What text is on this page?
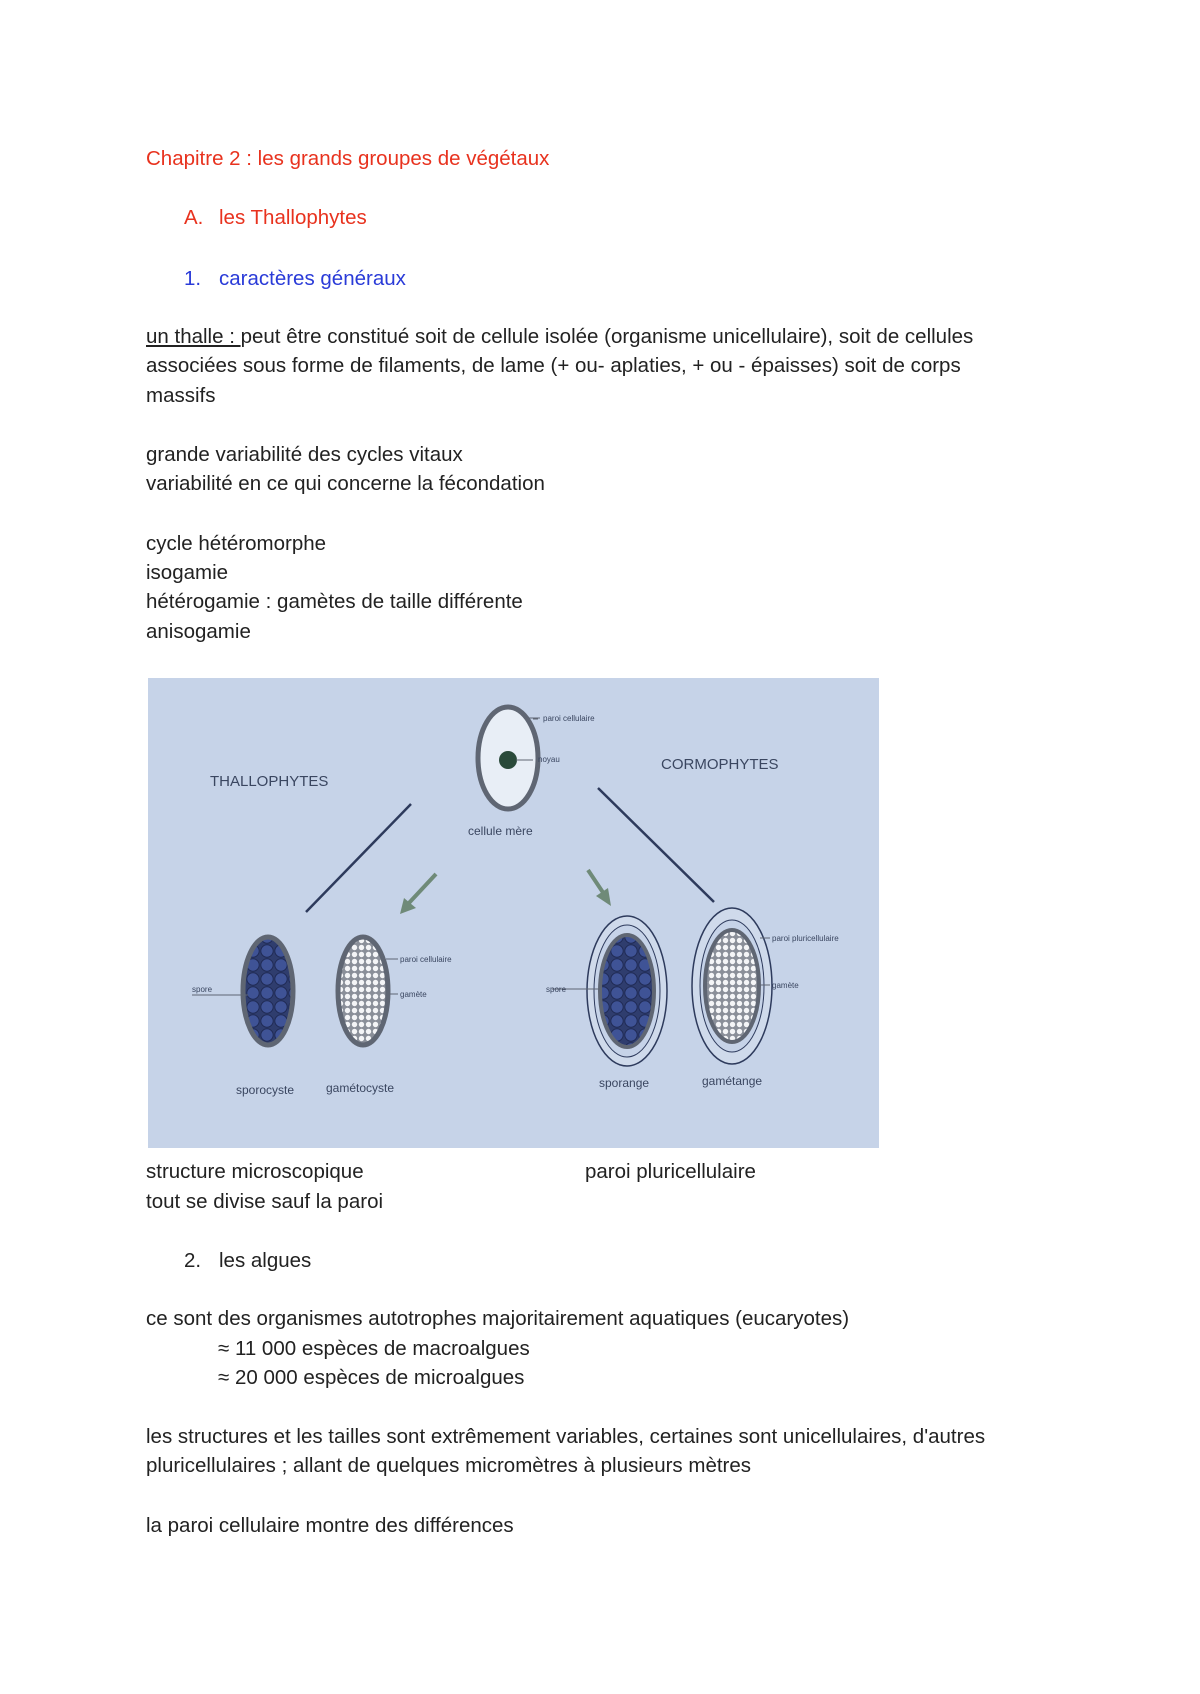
Chapitre 2 : les grands groupes de végétaux
A. les Thallophytes
1. caractères généraux
un thalle : peut être constitué soit de cellule isolée (organisme unicellulaire), soit de cellules
associées sous forme de filaments, de lame (+ ou- aplaties, + ou - épaisses) soit de corps
massifs
grande variabilité des cycles vitaux
variabilité en ce qui concerne la fécondation
cycle hétéromorphe
isogamie
hétérogamie : gamètes de taille différente
anisogamie
paroi cellulaire
noyau
cellule mère
THALLOPHYTES
CORMOPHYTES
spore
sporocyste
paroi cellulaire
gamète
gamétocyste
spore
sporange
paroi pluricellulaire
gamète
gamétange
structure microscopique	paroi pluricellulaire
tout se divise sauf la paroi
2. les algues
ce sont des organismes autotrophes majoritairement aquatiques (eucaryotes)
≈ 11 000 espèces de macroalgues
≈ 20 000 espèces de microalgues
les structures et les tailles sont extrêmement variables, certaines sont unicellulaires, d'autres
pluricellulaires ; allant de quelques micromètres à plusieurs mètres
la paroi cellulaire montre des différences
